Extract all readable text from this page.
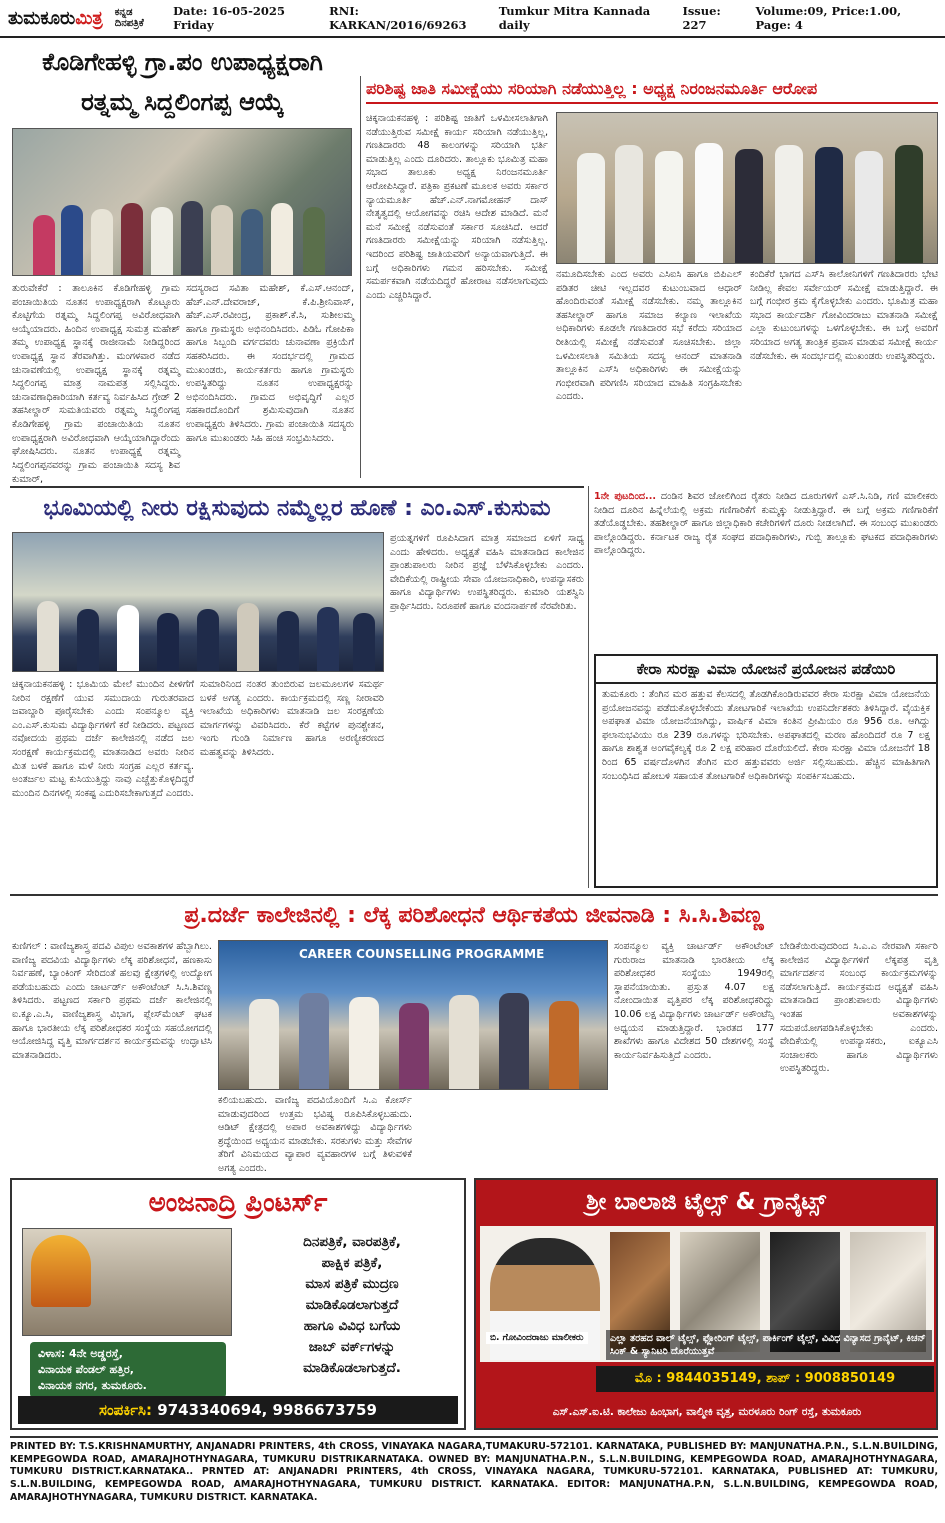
ತುಮಕೂರುಮಿತ್ರ ಕನ್ನಡ ದಿನಪತ್ರಿಕೆ
Date: 16-05-2025 Friday
RNI: KARKAN/2016/69263
Tumkur Mitra Kannada daily
Issue: 227
Volume:09, Price:1.00, Page: 4
ಕೊಡಿಗೇಹಳ್ಳಿ ಗ್ರಾ.ಪಂ ಉಪಾಧ್ಯಕ್ಷರಾಗಿ
ರತ್ನಮ್ಮ ಸಿದ್ದಲಿಂಗಪ್ಪ ಆಯ್ಕೆ
ತುರುವೇಕೆರೆ : ತಾಲೂಕಿನ ಕೊಡಿಗೇಹಳ್ಳಿ ಗ್ರಾಮ ಪಂಚಾಯಿತಿಯ ನೂತನ ಉಪಾಧ್ಯಕ್ಷರಾಗಿ ಕೊಟ್ಟೂರು ಕೊಟ್ಟಿಗೆಯ ರತ್ನಮ್ಮ ಸಿದ್ದಲಿಂಗಪ್ಪ ಅವಿರೋಧವಾಗಿ ಆಯ್ಕೆಯಾದರು. ಹಿಂದಿನ ಉಪಾಧ್ಯಕ್ಷ ಸುಮತ್ರ ಮಹೇಶ್ ತಮ್ಮ ಉಪಾಧ್ಯಕ್ಷ ಸ್ಥಾನಕ್ಕೆ ರಾಜೀನಾಮೆ ನೀಡಿದ್ದರಿಂದ ಉಪಾಧ್ಯಕ್ಷ ಸ್ಥಾನ ತೆರವಾಗಿತ್ತು. ಮಂಗಳವಾರ ನಡೆದ ಚುನಾವಣೆಯಲ್ಲಿ ಉಪಾಧ್ಯಕ್ಷ ಸ್ಥಾನಕ್ಕೆ ರತ್ನಮ್ಮ ಸಿದ್ದಲಿಂಗಪ್ಪ ಮಾತ್ರ ನಾಮಪತ್ರ ಸಲ್ಲಿಸಿದ್ದರು. ಚುನಾವಣಾಧಿಕಾರಿಯಾಗಿ ಕರ್ತವ್ಯ ನಿರ್ವಹಿಸಿದ ಗ್ರೇಡ್ 2 ತಹಸೀಲ್ದಾರ್ ಸುಮತಿಯವರು ರತ್ನಮ್ಮ ಸಿದ್ದಲಿಂಗಪ್ಪ ಕೊಡಿಗೇಹಳ್ಳಿ ಗ್ರಾಮ ಪಂಚಾಯಿತಿಯ ನೂತನ ಉಪಾಧ್ಯಕ್ಷರಾಗಿ ಅವಿರೋಧವಾಗಿ ಆಯ್ಕೆಯಾಗಿದ್ದಾರೆಂದು ಘೋಷಿಸಿದರು. ನೂತನ ಉಪಾಧ್ಯಕ್ಷೆ ರತ್ನಮ್ಮ ಸಿದ್ದಲಿಂಗಪ್ಪನವರನ್ನು ಗ್ರಾಮ ಪಂಚಾಯಿತಿ ಸದಸ್ಯ ಶಿವ ಕುಮಾರ್,
ಸದಸ್ಯರಾದ ಸವಿತಾ ಮಹೇಶ್, ಕೆ.ಎಸ್.ಆನಂದ್, ಹೆಚ್.ಎನ್.ದೇವರಾಜ್, ಕೆ.ಪಿ.ಶ್ರೀನಿವಾಸ್, ಹೆಚ್.ಎಸ್.ರವೀಂದ್ರ, ಪ್ರಕಾಶ್.ಕೆ.ಸಿ, ಸುಶೀಲಮ್ಮ ಹಾಗೂ ಗ್ರಾಮಸ್ಥರು ಅಭಿನಂದಿಸಿದರು. ಪಿಡಿಓ ಗೋಪಿಕಾ ಹಾಗೂ ಸಿಬ್ಬಂದಿ ವರ್ಗದವರು ಚುನಾವಣಾ ಪ್ರಕ್ರಿಯೆಗೆ ಸಹಕರಿಸಿದರು. ಈ ಸಂದರ್ಭದಲ್ಲಿ ಗ್ರಾಮದ ಮುಖಂಡರು, ಕಾರ್ಯಕರ್ತರು ಹಾಗೂ ಗ್ರಾಮಸ್ಥರು ಉಪಸ್ಥಿತರಿದ್ದು ನೂತನ ಉಪಾಧ್ಯಕ್ಷರನ್ನು ಅಭಿನಂದಿಸಿದರು. ಗ್ರಾಮದ ಅಭಿವೃದ್ಧಿಗೆ ಎಲ್ಲರ ಸಹಕಾರದೊಂದಿಗೆ ಶ್ರಮಿಸುವುದಾಗಿ ನೂತನ ಉಪಾಧ್ಯಕ್ಷರು ತಿಳಿಸಿದರು. ಗ್ರಾಮ ಪಂಚಾಯಿತಿ ಸದಸ್ಯರು ಹಾಗೂ ಮುಖಂಡರು ಸಿಹಿ ಹಂಚಿ ಸಂಭ್ರಮಿಸಿದರು.
ಪರಿಶಿಷ್ಟ ಜಾತಿ ಸಮೀಕ್ಷೆಯು ಸರಿಯಾಗಿ ನಡೆಯುತ್ತಿಲ್ಲ : ಅಧ್ಯಕ್ಷ ನಿರಂಜನಮೂರ್ತಿ ಆರೋಪ
ಚಿಕ್ಕನಾಯಕನಹಳ್ಳಿ : ಪರಿಶಿಷ್ಟ ಜಾತಿಗೆ ಒಳಮೀಸಲಾತಿಗಾಗಿ ನಡೆಯುತ್ತಿರುವ ಸಮೀಕ್ಷೆ ಕಾರ್ಯ ಸರಿಯಾಗಿ ನಡೆಯುತ್ತಿಲ್ಲ, ಗಣತಿದಾರರು 48 ಕಾಲಂಗಳನ್ನು ಸರಿಯಾಗಿ ಭರ್ತಿ ಮಾಡುತ್ತಿಲ್ಲ ಎಂದು ದೂರಿದರು. ತಾಲ್ಲೂಕು ಭೂಮಿತ್ರ ಮಹಾ ಸಭಾದ ತಾಲೂಕು ಅಧ್ಯಕ್ಷ ನಿರಂಜನಮೂರ್ತಿ ಆರೋಪಿಸಿದ್ದಾರೆ. ಪತ್ರಿಕಾ ಪ್ರಕಟಣೆ ಮೂಲಕ ಅವರು ಸರ್ಕಾರ ನ್ಯಾಯಮೂರ್ತಿ ಹೆಚ್.ಎನ್.ನಾಗಮೋಹನ್ ದಾಸ್ ನೇತೃತ್ವದಲ್ಲಿ ಆಯೋಗವನ್ನು ರಚಿಸಿ ಆದೇಶ ಮಾಡಿದೆ. ಮನೆ ಮನೆ ಸಮೀಕ್ಷೆ ನಡೆಸುವಂತೆ ಸರ್ಕಾರ ಸೂಚಿಸಿದೆ. ಆದರೆ ಗಣತಿದಾರರು ಸಮೀಕ್ಷೆಯನ್ನು ಸರಿಯಾಗಿ ನಡೆಸುತ್ತಿಲ್ಲ. ಇದರಿಂದ ಪರಿಶಿಷ್ಟ ಜಾತಿಯವರಿಗೆ ಅನ್ಯಾಯವಾಗುತ್ತಿದೆ. ಈ ಬಗ್ಗೆ ಅಧಿಕಾರಿಗಳು ಗಮನ ಹರಿಸಬೇಕು. ಸಮೀಕ್ಷೆ ಸಮರ್ಪಕವಾಗಿ ನಡೆಯದಿದ್ದರೆ ಹೋರಾಟ ನಡೆಸಲಾಗುವುದು ಎಂದು ಎಚ್ಚರಿಸಿದ್ದಾರೆ.
ನಮೂದಿಸಬೇಕು ಎಂದ ಅವರು ಎಸಿಐಸಿ ಹಾಗೂ ಬಿಪಿಎಲ್ ಪಡಿತರ ಚೀಟಿ ಇಲ್ಲದವರ ಕುಟುಂಬವಾದ ಆಧಾರ್ ಹೊಂದಿರುವಂತೆ ಸಮೀಕ್ಷೆ ನಡೆಸಬೇಕು. ನಮ್ಮ ತಾಲ್ಲೂಕಿನ ತಹಸೀಲ್ದಾರ್ ಹಾಗೂ ಸಮಾಜ ಕಲ್ಯಾಣ ಇಲಾಖೆಯ ಅಧಿಕಾರಿಗಳು ಕೂಡಲೇ ಗಣತಿದಾರರ ಸಭೆ ಕರೆದು ಸರಿಯಾದ ರೀತಿಯಲ್ಲಿ ಸಮೀಕ್ಷೆ ನಡೆಸುವಂತೆ ಸೂಚಿಸಬೇಕು. ಜಿಲ್ಲಾ ಒಳಮೀಸಲಾತಿ ಸಮಿತಿಯ ಸದಸ್ಯ ಆನಂದ್ ಮಾತನಾಡಿ ತಾಲ್ಲೂಕಿನ ಎಸ್‌ಸಿ ಅಧಿಕಾರಿಗಳು ಈ ಸಮೀಕ್ಷೆಯನ್ನು ಗಂಭೀರವಾಗಿ ಪರಿಗಣಿಸಿ ಸರಿಯಾದ ಮಾಹಿತಿ ಸಂಗ್ರಹಿಸಬೇಕು ಎಂದರು.
ಕಂದಿಕೆರೆ ಭಾಗದ ಎಸ್‌ಸಿ ಕಾಲೋನಿಗಳಿಗೆ ಗಣತಿದಾರರು ಭೇಟಿ ನೀಡಿಲ್ಲ ಕೇವಲ ಸರ್ವೇಯರ್ ಸಮೀಕ್ಷೆ ಮಾಡುತ್ತಿದ್ದಾರೆ. ಈ ಬಗ್ಗೆ ಗಂಭೀರ ಕ್ರಮ ಕೈಗೊಳ್ಳಬೇಕು ಎಂದರು. ಭೂಮಿತ್ರ ಮಹಾ ಸಭಾದ ಕಾರ್ಯದರ್ಶಿ ಗೋವಿಂದರಾಜು ಮಾತನಾಡಿ ಸಮೀಕ್ಷೆ ಎಲ್ಲಾ ಕುಟುಂಬಗಳನ್ನು ಒಳಗೊಳ್ಳಬೇಕು. ಈ ಬಗ್ಗೆ ಅವರಿಗೆ ಸರಿಯಾದ ಅಗತ್ಯ ತಾಂತ್ರಿಕ ಪ್ರವಾಸ ಮಾಡುವ ಸಮೀಕ್ಷೆ ಕಾರ್ಯ ನಡೆಸಬೇಕು. ಈ ಸಂದರ್ಭದಲ್ಲಿ ಮುಖಂಡರು ಉಪಸ್ಥಿತರಿದ್ದರು.
ಭೂಮಿಯಲ್ಲಿ ನೀರು ರಕ್ಷಿಸುವುದು ನಮ್ಮೆಲ್ಲರ ಹೊಣೆ : ಎಂ.ಎಸ್.ಕುಸುಮ
ಪ್ರಯತ್ನಗಳಿಗೆ ರೂಪಿಸಿದಾಗ ಮಾತ್ರ ಸಮಾಜದ ಏಳಿಗೆ ಸಾಧ್ಯ ಎಂದು ಹೇಳಿದರು. ಅಧ್ಯಕ್ಷತೆ ವಹಿಸಿ ಮಾತನಾಡಿದ ಕಾಲೇಜಿನ ಪ್ರಾಂಶುಪಾಲರು ನೀರಿನ ಪ್ರಜ್ಞೆ ಬೆಳೆಸಿಕೊಳ್ಳಬೇಕು ಎಂದರು. ವೇದಿಕೆಯಲ್ಲಿ ರಾಷ್ಟ್ರೀಯ ಸೇವಾ ಯೋಜನಾಧಿಕಾರಿ, ಉಪನ್ಯಾಸಕರು ಹಾಗೂ ವಿದ್ಯಾರ್ಥಿಗಳು ಉಪಸ್ಥಿತರಿದ್ದರು. ಕುಮಾರಿ ಯಶಸ್ವಿನಿ ಪ್ರಾರ್ಥಿಸಿದರು. ನಿರೂಪಣೆ ಹಾಗೂ ವಂದನಾರ್ಪಣೆ ನೆರವೇರಿತು.
ಚಿಕ್ಕನಾಯಕನಹಳ್ಳಿ : ಭೂಮಿಯ ಮೇಲೆ ಮುಂದಿನ ಪೀಳಿಗೆಗೆ ನೀರಿನ ರಕ್ಷಣೆಗೆ ಯುವ ಸಮುದಾಯ ಗುರುತರವಾದ ಜವಾಬ್ದಾರಿ ಪೂರೈಸಬೇಕು ಎಂದು ಸಂಪನ್ಮೂಲ ವ್ಯಕ್ತಿ ಎಂ.ಎಸ್.ಕುಸುಮ ವಿದ್ಯಾರ್ಥಿಗಳಿಗೆ ಕರೆ ನೀಡಿದರು. ಪಟ್ಟಣದ ನವೋದಯ ಪ್ರಥಮ ದರ್ಜೆ ಕಾಲೇಜಿನಲ್ಲಿ ನಡೆದ ಜಲ ಸಂರಕ್ಷಣೆ ಕಾರ್ಯಕ್ರಮದಲ್ಲಿ ಮಾತನಾಡಿದ ಅವರು ನೀರಿನ ಮಿತ ಬಳಕೆ ಹಾಗೂ ಮಳೆ ನೀರು ಸಂಗ್ರಹ ಎಲ್ಲರ ಕರ್ತವ್ಯ. ಅಂತರ್ಜಲ ಮಟ್ಟ ಕುಸಿಯುತ್ತಿದ್ದು ನಾವು ಎಚ್ಚೆತ್ತುಕೊಳ್ಳದಿದ್ದರೆ ಮುಂದಿನ ದಿನಗಳಲ್ಲಿ ಸಂಕಷ್ಟ ಎದುರಿಸಬೇಕಾಗುತ್ತದೆ ಎಂದರು.
ಸುಮಾರಿನಿಂದ ನಂತರ ತುಂಬಿರುವ ಜಲಮೂಲಗಳ ಸಮರ್ಥ ಬಳಕೆ ಅಗತ್ಯ ಎಂದರು. ಕಾರ್ಯಕ್ರಮದಲ್ಲಿ ಸಣ್ಣ ನೀರಾವರಿ ಇಲಾಖೆಯ ಅಧಿಕಾರಿಗಳು ಮಾತನಾಡಿ ಜಲ ಸಂರಕ್ಷಣೆಯ ಮಾರ್ಗಗಳನ್ನು ವಿವರಿಸಿದರು. ಕೆರೆ ಕಟ್ಟೆಗಳ ಪುನಶ್ಚೇತನ, ಇಂಗು ಗುಂಡಿ ನಿರ್ಮಾಣ ಹಾಗೂ ಅರಣ್ಯೀಕರಣದ ಮಹತ್ವವನ್ನು ತಿಳಿಸಿದರು.
1ನೇ ಪುಟದಿಂದ... ದಂಡಿನ ಶಿವರ ಜೋಲಿಗಿಂದ ರೈತರು ನೀಡಿದ ದೂರುಗಳಿಗೆ ಎಸ್.ಸಿ.ನಿಡಿ, ಗಣಿ ಮಾಲೀಕರು ನೀಡಿದ ದೂರಿನ ಹಿನ್ನೆಲೆಯಲ್ಲಿ ಅಕ್ರಮ ಗಣಿಗಾರಿಕೆಗೆ ಕುಮ್ಮಕ್ಕು ನೀಡುತ್ತಿದ್ದಾರೆ. ಈ ಬಗ್ಗೆ ಅಕ್ರಮ ಗಣಿಗಾರಿಕೆಗೆ ತಡೆಯೊಡ್ಡಬೇಕು. ತಹಶೀಲ್ದಾರ್ ಹಾಗೂ ಜಿಲ್ಲಾಧಿಕಾರಿ ಕಚೇರಿಗಳಿಗೆ ದೂರು ನೀಡಲಾಗಿದೆ. ಈ ಸಂಬಂಧ ಮುಖಂಡರು ಪಾಲ್ಗೊಂಡಿದ್ದರು. ಕರ್ನಾಟಕ ರಾಜ್ಯ ರೈತ ಸಂಘದ ಪದಾಧಿಕಾರಿಗಳು, ಗುಬ್ಬಿ ತಾಲ್ಲೂಕು ಘಟಕದ ಪದಾಧಿಕಾರಿಗಳು ಪಾಲ್ಗೊಂಡಿದ್ದರು.
ಕೇರಾ ಸುರಕ್ಷಾ ವಿಮಾ ಯೋಜನೆ ಪ್ರಯೋಜನ ಪಡೆಯಿರಿ
ತುಮಕೂರು : ತೆಂಗಿನ ಮರ ಹತ್ತುವ ಕೆಲಸದಲ್ಲಿ ತೊಡಗಿಕೊಂಡಿರುವವರ ಕೇರಾ ಸುರಕ್ಷಾ ವಿಮಾ ಯೋಜನೆಯ ಪ್ರಯೋಜನವನ್ನು ಪಡೆದುಕೊಳ್ಳಬೇಕೆಂದು ತೋಟಗಾರಿಕೆ ಇಲಾಖೆಯ ಉಪನಿರ್ದೇಶಕರು ತಿಳಿಸಿದ್ದಾರೆ. ವೈಯಕ್ತಿಕ ಅಪಘಾತ ವಿಮಾ ಯೋಜನೆಯಾಗಿದ್ದು, ವಾರ್ಷಿಕ ವಿಮಾ ಕಂತಿನ ಪ್ರೀಮಿಯಂ ರೂ 956 ರೂ. ಆಗಿದ್ದು ಫಲಾನುಭವಿಯು ರೂ 239 ರೂ.ಗಳನ್ನು ಭರಿಸಬೇಕು. ಅಪಘಾತದಲ್ಲಿ ಮರಣ ಹೊಂದಿದರೆ ರೂ 7 ಲಕ್ಷ ಹಾಗೂ ಶಾಶ್ವತ ಅಂಗವೈಕಲ್ಯಕ್ಕೆ ರೂ 2 ಲಕ್ಷ ಪರಿಹಾರ ದೊರೆಯಲಿದೆ. ಕೇರಾ ಸುರಕ್ಷಾ ವಿಮಾ ಯೋಜನೆಗೆ 18 ರಿಂದ 65 ವರ್ಷದೊಳಗಿನ ತೆಂಗಿನ ಮರ ಹತ್ತುವವರು ಅರ್ಜಿ ಸಲ್ಲಿಸಬಹುದು. ಹೆಚ್ಚಿನ ಮಾಹಿತಿಗಾಗಿ ಸಂಬಂಧಿಸಿದ ಹೋಬಳಿ ಸಹಾಯಕ ತೋಟಗಾರಿಕೆ ಅಧಿಕಾರಿಗಳನ್ನು ಸಂಪರ್ಕಿಸಬಹುದು.
ಪ್ರ.ದರ್ಜೆ ಕಾಲೇಜಿನಲ್ಲಿ : ಲೆಕ್ಕ ಪರಿಶೋಧನೆ ಆರ್ಥಿಕತೆಯ ಜೀವನಾಡಿ : ಸಿ.ಸಿ.ಶಿವಣ್ಣ
ಕುಣಿಗಲ್ : ವಾಣಿಜ್ಯಶಾಸ್ತ್ರ ಪದವಿ ವಿಪುಲ ಅವಕಾಶಗಳ ಹೆಬ್ಬಾಗಿಲು. ವಾಣಿಜ್ಯ ಪದವಿಯ ವಿದ್ಯಾರ್ಥಿಗಳು ಲೆಕ್ಕ ಪರಿಶೋಧನೆ, ಹಣಕಾಸು ನಿರ್ವಹಣೆ, ಬ್ಯಾಂಕಿಂಗ್ ಸೇರಿದಂತೆ ಹಲವು ಕ್ಷೇತ್ರಗಳಲ್ಲಿ ಉದ್ಯೋಗ ಪಡೆಯಬಹುದು ಎಂದು ಚಾರ್ಟರ್ಡ್ ಅಕೌಂಟೆಂಟ್ ಸಿ.ಸಿ.ಶಿವಣ್ಣ ತಿಳಿಸಿದರು. ಪಟ್ಟಣದ ಸರ್ಕಾರಿ ಪ್ರಥಮ ದರ್ಜೆ ಕಾಲೇಜಿನಲ್ಲಿ ಐ.ಕ್ಯೂ.ಎ.ಸಿ, ವಾಣಿಜ್ಯಶಾಸ್ತ್ರ ವಿಭಾಗ, ಪ್ಲೇಸ್‌ಮೆಂಟ್ ಘಟಕ ಹಾಗೂ ಭಾರತೀಯ ಲೆಕ್ಕ ಪರಿಶೋಧಕರ ಸಂಸ್ಥೆಯ ಸಹಯೋಗದಲ್ಲಿ ಆಯೋಜಿಸಿದ್ದ ವೃತ್ತಿ ಮಾರ್ಗದರ್ಶನ ಕಾರ್ಯಕ್ರಮವನ್ನು ಉದ್ಘಾಟಿಸಿ ಮಾತನಾಡಿದರು.
CAREER COUNSELLING PROGRAMME
ಕಲಿಯಬಹುದು. ವಾಣಿಜ್ಯ ಪದವಿಯೊಂದಿಗೆ ಸಿ.ಎ ಕೋರ್ಸ್ ಮಾಡುವುದರಿಂದ ಉತ್ತಮ ಭವಿಷ್ಯ ರೂಪಿಸಿಕೊಳ್ಳಬಹುದು. ಆಡಿಟ್ ಕ್ಷೇತ್ರದಲ್ಲಿ ಅಪಾರ ಅವಕಾಶಗಳಿದ್ದು ವಿದ್ಯಾರ್ಥಿಗಳು ಶ್ರದ್ಧೆಯಿಂದ ಅಧ್ಯಯನ ಮಾಡಬೇಕು. ಸರಕುಗಳು ಮತ್ತು ಸೇವೆಗಳ ತೆರಿಗೆ ವಿನಿಮಯದ ವ್ಯಾಪಾರ ವ್ಯವಹಾರಗಳ ಬಗ್ಗೆ ತಿಳುವಳಿಕೆ ಅಗತ್ಯ ಎಂದರು.
ಸಂಪನ್ಮೂಲ ವ್ಯಕ್ತಿ ಚಾರ್ಟರ್ಡ್ ಅಕೌಂಟೆಂಟ್ ಗುರುರಾಜ ಮಾತನಾಡಿ ಭಾರತೀಯ ಲೆಕ್ಕ ಪರಿಶೋಧಕರ ಸಂಸ್ಥೆಯು 1949ರಲ್ಲಿ ಸ್ಥಾಪನೆಯಾಯಿತು. ಪ್ರಸ್ತುತ 4.07 ಲಕ್ಷ ನೋಂದಾಯಿತ ವೃತ್ತಿಪರ ಲೆಕ್ಕ ಪರಿಶೋಧಕರಿದ್ದು 10.06 ಲಕ್ಷ ವಿದ್ಯಾರ್ಥಿಗಳು ಚಾರ್ಟರ್ಡ್ ಅಕೌಂಟೆನ್ಸಿ ಅಧ್ಯಯನ ಮಾಡುತ್ತಿದ್ದಾರೆ. ಭಾರತದ 177 ಶಾಖೆಗಳು ಹಾಗೂ ವಿದೇಶದ 50 ದೇಶಗಳಲ್ಲಿ ಸಂಸ್ಥೆ ಕಾರ್ಯನಿರ್ವಹಿಸುತ್ತಿದೆ ಎಂದರು.
ಬೇಡಿಕೆಯಿರುವುದರಿಂದ ಸಿ.ಎ.ಎ ನೇರವಾಗಿ ಸರ್ಕಾರಿ ಕಾಲೇಜಿನ ವಿದ್ಯಾರ್ಥಿಗಳಿಗೆ ಲೆಕ್ಕಪತ್ರ ವೃತ್ತಿ ಮಾರ್ಗದರ್ಶನ ಸಂಬಂಧ ಕಾರ್ಯಕ್ರಮಗಳನ್ನು ನಡೆಸಲಾಗುತ್ತಿದೆ. ಕಾರ್ಯಕ್ರಮದ ಅಧ್ಯಕ್ಷತೆ ವಹಿಸಿ ಮಾತನಾಡಿದ ಪ್ರಾಂಶುಪಾಲರು ವಿದ್ಯಾರ್ಥಿಗಳು ಇಂತಹ ಅವಕಾಶಗಳನ್ನು ಸದುಪಯೋಗಪಡಿಸಿಕೊಳ್ಳಬೇಕು ಎಂದರು. ವೇದಿಕೆಯಲ್ಲಿ ಉಪನ್ಯಾಸಕರು, ಐಕ್ಯೂಎಸಿ ಸಂಚಾಲಕರು ಹಾಗೂ ವಿದ್ಯಾರ್ಥಿಗಳು ಉಪಸ್ಥಿತರಿದ್ದರು.
ಅಂಜನಾದ್ರಿ ಪ್ರಿಂಟರ್ಸ್
ದಿನಪತ್ರಿಕೆ, ವಾರಪತ್ರಿಕೆ,
ಪಾಕ್ಷಿಕ ಪತ್ರಿಕೆ,
ಮಾಸ ಪತ್ರಿಕೆ ಮುದ್ರಣ
ಮಾಡಿಕೊಡಲಾಗುತ್ತದೆ
ಹಾಗೂ ವಿವಿಧ ಬಗೆಯ
ಜಾಬ್ ವರ್ಕ್‌ಗಳನ್ನು
ಮಾಡಿಕೊಡಲಾಗುತ್ತದೆ.
ವಿಳಾಸ: 4ನೇ ಅಡ್ಡರಸ್ತೆ,
ವಿನಾಯಕ ಪೆಂಡಲ್ ಹತ್ತಿರ,
ವಿನಾಯಕ ನಗರ, ತುಮಕೂರು.
ಸಂಪರ್ಕಿಸಿ: 9743340694, 9986673759
ಶ್ರೀ ಬಾಲಾಜಿ ಟೈಲ್ಸ್ & ಗ್ರಾನೈಟ್ಸ್
ಬಿ. ಗೋವಿಂದರಾಜು ಮಾಲೀಕರು	ಎಲ್ಲಾ ತರಹದ ವಾಲ್ ಟೈಲ್ಸ್, ಫ್ಲೋರಿಂಗ್ ಟೈಲ್ಸ್, ಪಾರ್ಕಿಂಗ್ ಟೈಲ್ಸ್, ವಿವಿಧ ವಿನ್ಯಾಸದ ಗ್ರಾನೈಟ್, ಕಿಚನ್ ಸಿಂಕ್ & ಸ್ಯಾನಿಟರಿ ದೊರೆಯುತ್ತವೆ
ಮೊ : 9844035149, ಶಾಪ್ : 9008850149
ಎಸ್.ಎಸ್.ಐ.ಟಿ. ಕಾಲೇಜು ಹಿಂಭಾಗ, ವಾಲ್ಮೀಕಿ ವೃತ್ತ, ಮರಳೂರು ರಿಂಗ್ ರಸ್ತೆ, ತುಮಕೂರು
PRINTED BY: T.S.KRISHNAMURTHY, ANJANADRI PRINTERS, 4th CROSS, VINAYAKA NAGARA,TUMAKURU-572101. KARNATAKA, PUBLISHED BY: MANJUNATHA.P.N., S.L.N.BUILDING, KEMPEGOWDA ROAD, AMARAJHOTHYNAGARA, TUMKURU DISTRIKARNATAKA. OWNED BY: MANJUNATHA.P.N., S.L.N.BUILDING, KEMPEGOWDA ROAD, AMARAJHOTHYNAGARA, TUMKURU DISTRICT.KARNATAKA.. PRNTED AT: ANJANADRI PRINTERS, 4th CROSS, VINAYAKA NAGARA, TUMKURU-572101. KARNATAKA, PUBLISHED AT: TUMKURU, S.L.N.BUILDING, KEMPEGOWDA ROAD, AMARAJHOTHYNAGARA, TUMKURU DISTRICT. KARNATAKA. EDITOR: MANJUNATHA.P.N, S.L.N.BUILDING, KEMPEGOWDA ROAD, AMARAJHOTHYNAGARA, TUMKURU DISTRICT. KARNATAKA.
